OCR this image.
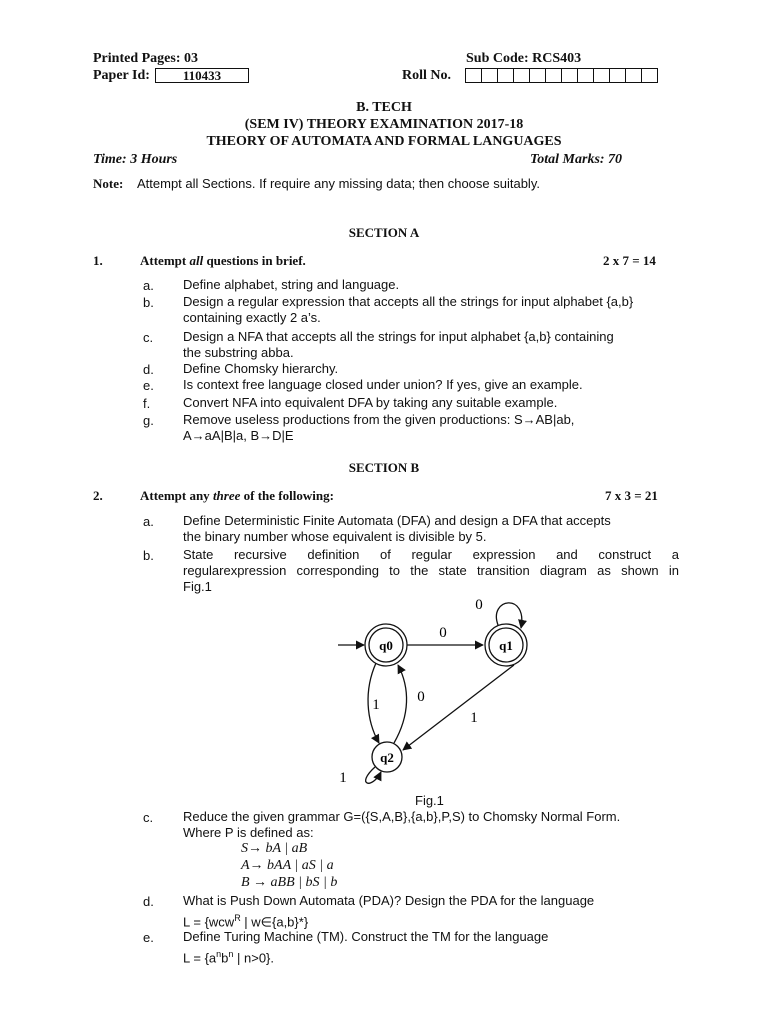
Printed Pages: 03	Sub Code: RCS403
Paper Id:	110433	Roll No.
B. TECH
(SEM IV) THEORY EXAMINATION 2017-18
THEORY OF AUTOMATA AND FORMAL LANGUAGES
Time: 3 Hours	Total Marks: 70
Note: Attempt all Sections. If require any missing data; then choose suitably.
SECTION A
1.	Attempt all questions in brief.	2 x 7 = 14
a.	Define alphabet, string and language.
b.	Design a regular expression that accepts all the strings for input alphabet {a,b}
containing exactly 2 a’s.
c.	Design a NFA that accepts all the strings for input alphabet {a,b} containing
the substring abba.
d.	Define Chomsky hierarchy.
e.	Is context free language closed under union? If yes, give an example.
f.	Convert NFA into equivalent DFA by taking any suitable example.
g.	Remove useless productions from the given productions: S→AB|ab,
A→aA|B|a, B→D|E
SECTION B
2.	Attempt any three of the following:	7 x 3 = 21
a.	Define Deterministic Finite Automata (DFA) and design a DFA that accepts
the binary number whose equivalent is divisible by 5.
b.	State recursive definition of regular expression and construct a
regularexpression corresponding to the state transition diagram as shown in
Fig.1
q0	q1
q2
0
0
1	0
1
1
Fig.1
c.	Reduce the given grammar G=({S,A,B},{a,b},P,S) to Chomsky Normal Form.
Where P is defined as:
S→ bA | aB
A→ bAA | aS | a
B → aBB | bS | b
d.	What is Push Down Automata (PDA)? Design the PDA for the language
L = {wcw$^R$ | w∈{a,b}*}
e.	Define Turing Machine (TM). Construct the TM for the language
$L = \{a^nb^n$ | n>0}.
